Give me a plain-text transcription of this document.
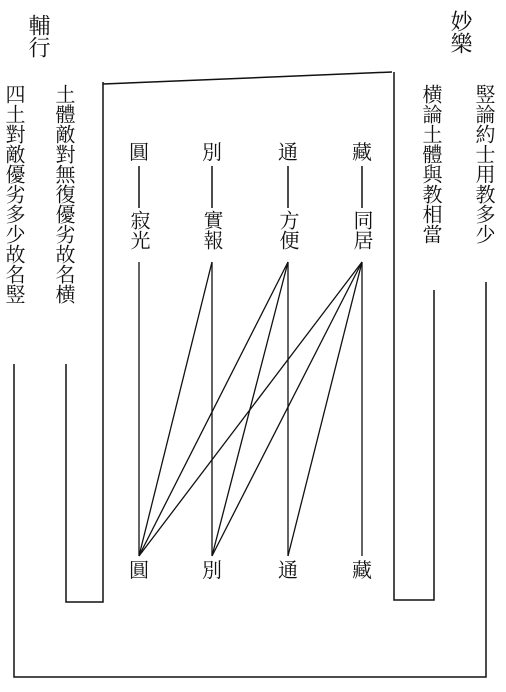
妙樂
輔行
竪論約士用教多少
四土對敵優劣多少故名竪	横論土體與教相當
土體敵對無復優劣故名横	藏
通
別
圓
同居
方便
實報
寂光
藏
通
別
圓
